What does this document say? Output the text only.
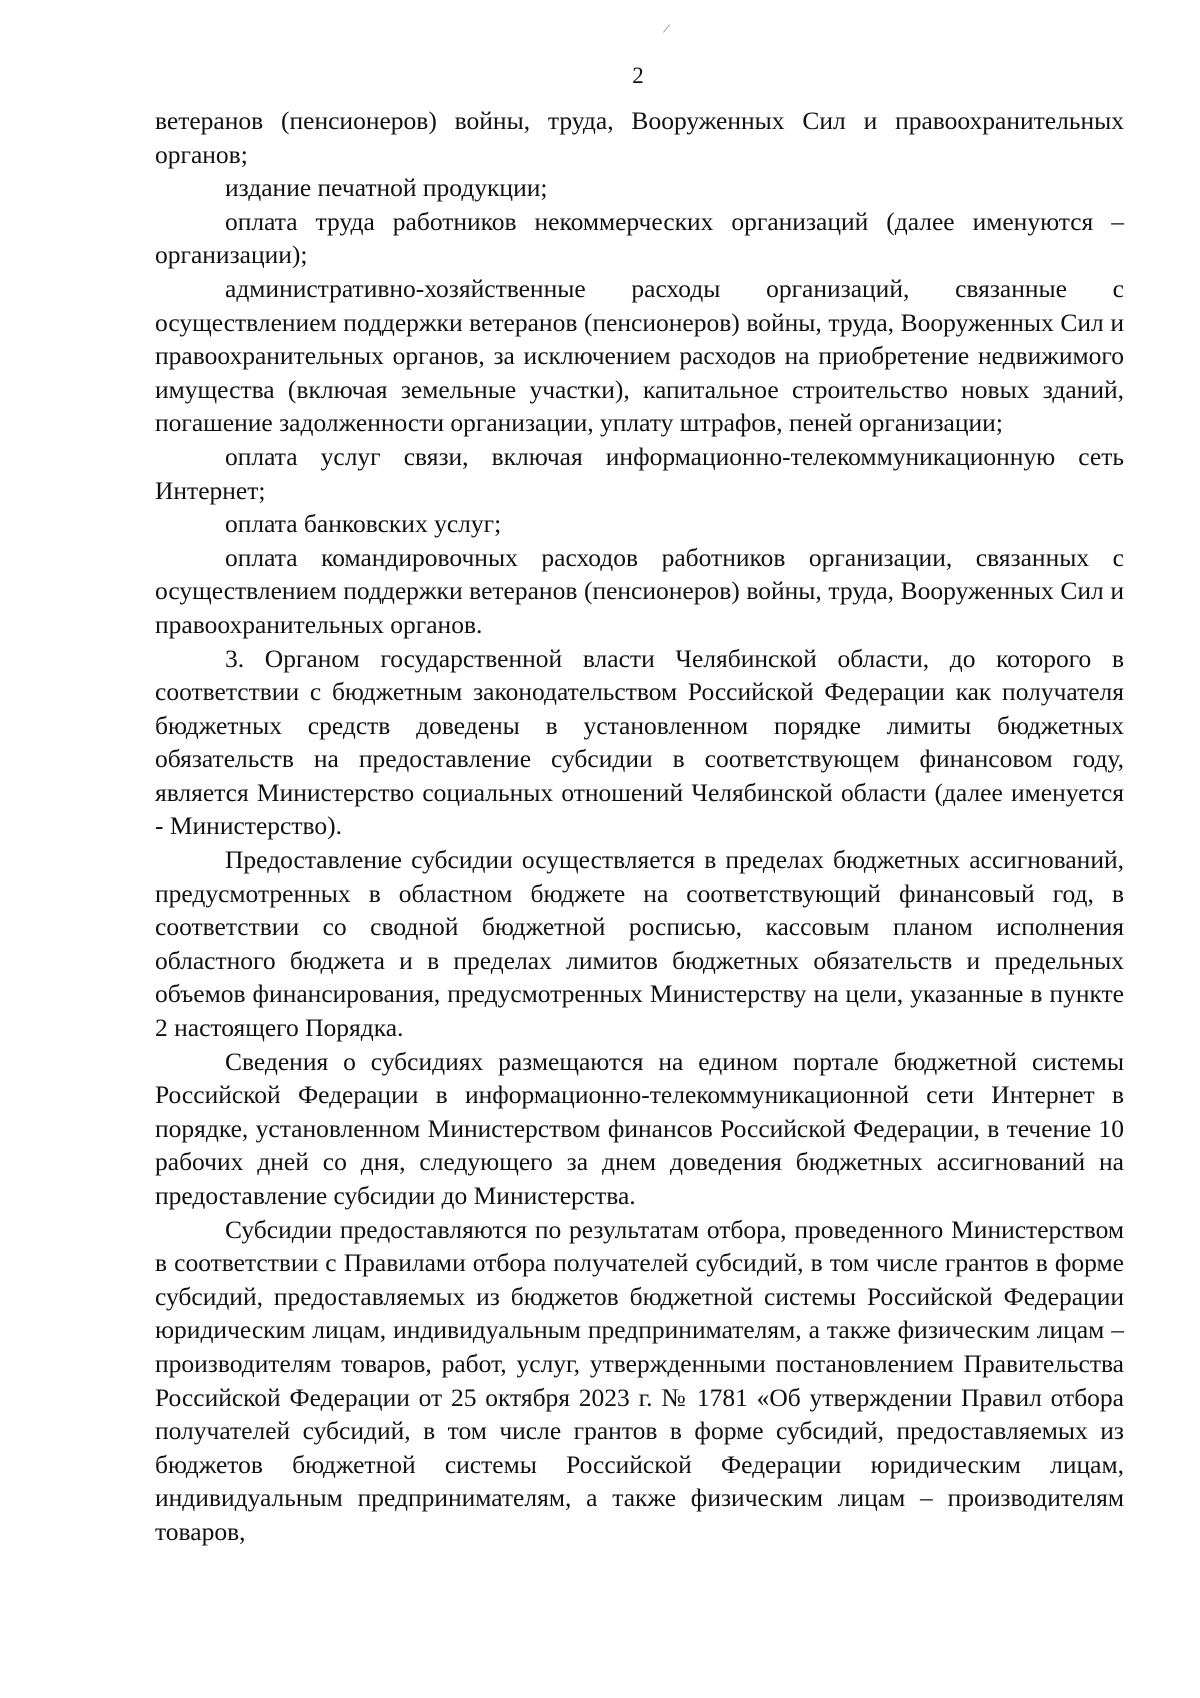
/
2

ветеранов (пенсионеров) войны, труда, Вооруженных Сил и правоохранительных органов;

издание печатной продукции;

оплата труда работников некоммерческих организаций (далее именуются – организации);

административно-хозяйственные расходы организаций, связанные с осуществлением поддержки ветеранов (пенсионеров) войны, труда, Вооруженных Сил и правоохранительных органов, за исключением расходов на приобретение недвижимого имущества (включая земельные участки), капитальное строительство новых зданий, погашение задолженности организации, уплату штрафов, пеней организации;

оплата услуг связи, включая информационно-телекоммуникационную сеть Интернет;

оплата банковских услуг;

оплата командировочных расходов работников организации, связанных с осуществлением поддержки ветеранов (пенсионеров) войны, труда, Вооруженных Сил и правоохранительных органов.

3. Органом государственной власти Челябинской области, до которого в соответствии с бюджетным законодательством Российской Федерации как получателя бюджетных средств доведены в установленном порядке лимиты бюджетных обязательств на предоставление субсидии в соответствующем финансовом году, является Министерство социальных отношений Челябинской области (далее именуется - Министерство).

Предоставление субсидии осуществляется в пределах бюджетных ассигнований, предусмотренных в областном бюджете на соответствующий финансовый год, в соответствии со сводной бюджетной росписью, кассовым планом исполнения областного бюджета и в пределах лимитов бюджетных обязательств и предельных объемов финансирования, предусмотренных Министерству на цели, указанные в пункте 2 настоящего Порядка.

Сведения о субсидиях размещаются на едином портале бюджетной системы Российской Федерации в информационно-телекоммуникационной сети Интернет в порядке, установленном Министерством финансов Российской Федерации, в течение 10 рабочих дней со дня, следующего за днем доведения бюджетных ассигнований на предоставление субсидии до Министерства.

Субсидии предоставляются по результатам отбора, проведенного Министерством в соответствии с Правилами отбора получателей субсидий, в том числе грантов в форме субсидий, предоставляемых из бюджетов бюджетной системы Российской Федерации юридическим лицам, индивидуальным предпринимателям, а также физическим лицам – производителям товаров, работ, услуг, утвержденными постановлением Правительства Российской Федерации от 25 октября 2023 г. № 1781 «Об утверждении Правил отбора получателей субсидий, в том числе грантов в форме субсидий, предоставляемых из бюджетов бюджетной системы Российской Федерации юридическим лицам, индивидуальным предпринимателям, а также физическим лицам – производителям товаров,
